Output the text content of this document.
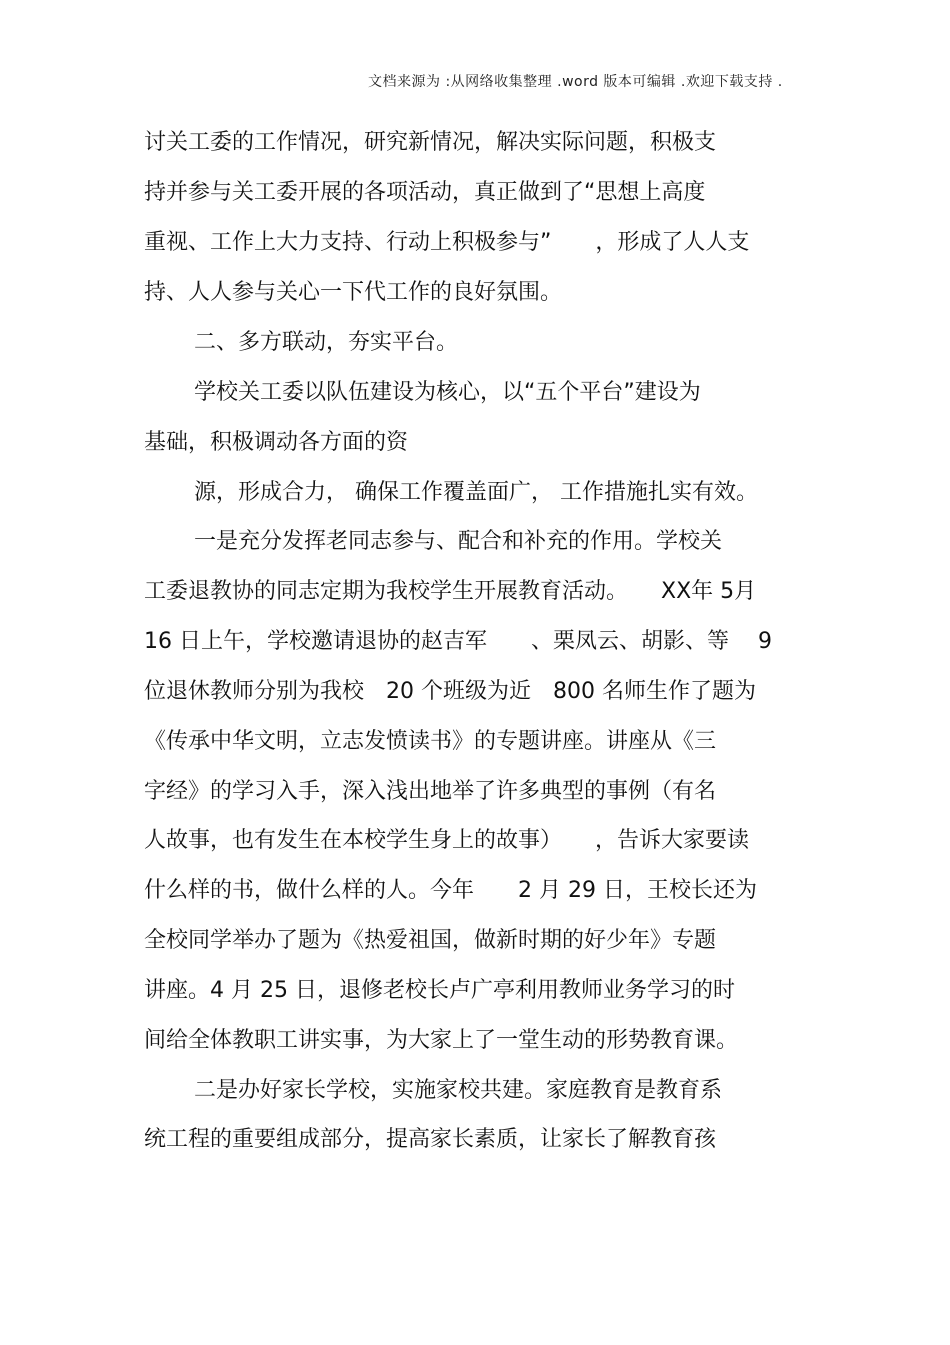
文档来源为 :从网络收集整理 .word 版本可编辑 .欢迎下载支持 .
讨关工委的工作情况，研究新情况，解决实际问题，积极支
持并参与关工委开展的各项活动，真正做到了“思想上高度
重视、工作上大力支持、行动上积极参与”　　，形成了人人支
持、人人参与关心一下代工作的良好氛围。
二、多方联动，夯实平台。
学校关工委以队伍建设为核心，以“五个平台”建设为
基础，积极调动各方面的资
源，形成合力， 确保工作覆盖面广， 工作措施扎实有效。
一是充分发挥老同志参与、配合和补充的作用。学校关
工委退教协的同志定期为我校学生开展教育活动。　　XX年 5月
16 日上午，学校邀请退协的赵吉军　　、栗凤云、胡影、等　 9
位退休教师分别为我校　20 个班级为近　800 名师生作了题为
《传承中华文明，立志发愤读书》的专题讲座。讲座从《三
字经》的学习入手，深入浅出地举了许多典型的事例（有名
人故事，也有发生在本校学生身上的故事）　　，告诉大家要读
什么样的书，做什么样的人。今年　　2 月 29 日，王校长还为
全校同学举办了题为《热爱祖国，做新时期的好少年》专题
讲座。4 月 25 日，退修老校长卢广亭利用教师业务学习的时
间给全体教职工讲实事，为大家上了一堂生动的形势教育课。
二是办好家长学校，实施家校共建。家庭教育是教育系
统工程的重要组成部分，提高家长素质，让家长了解教育孩
